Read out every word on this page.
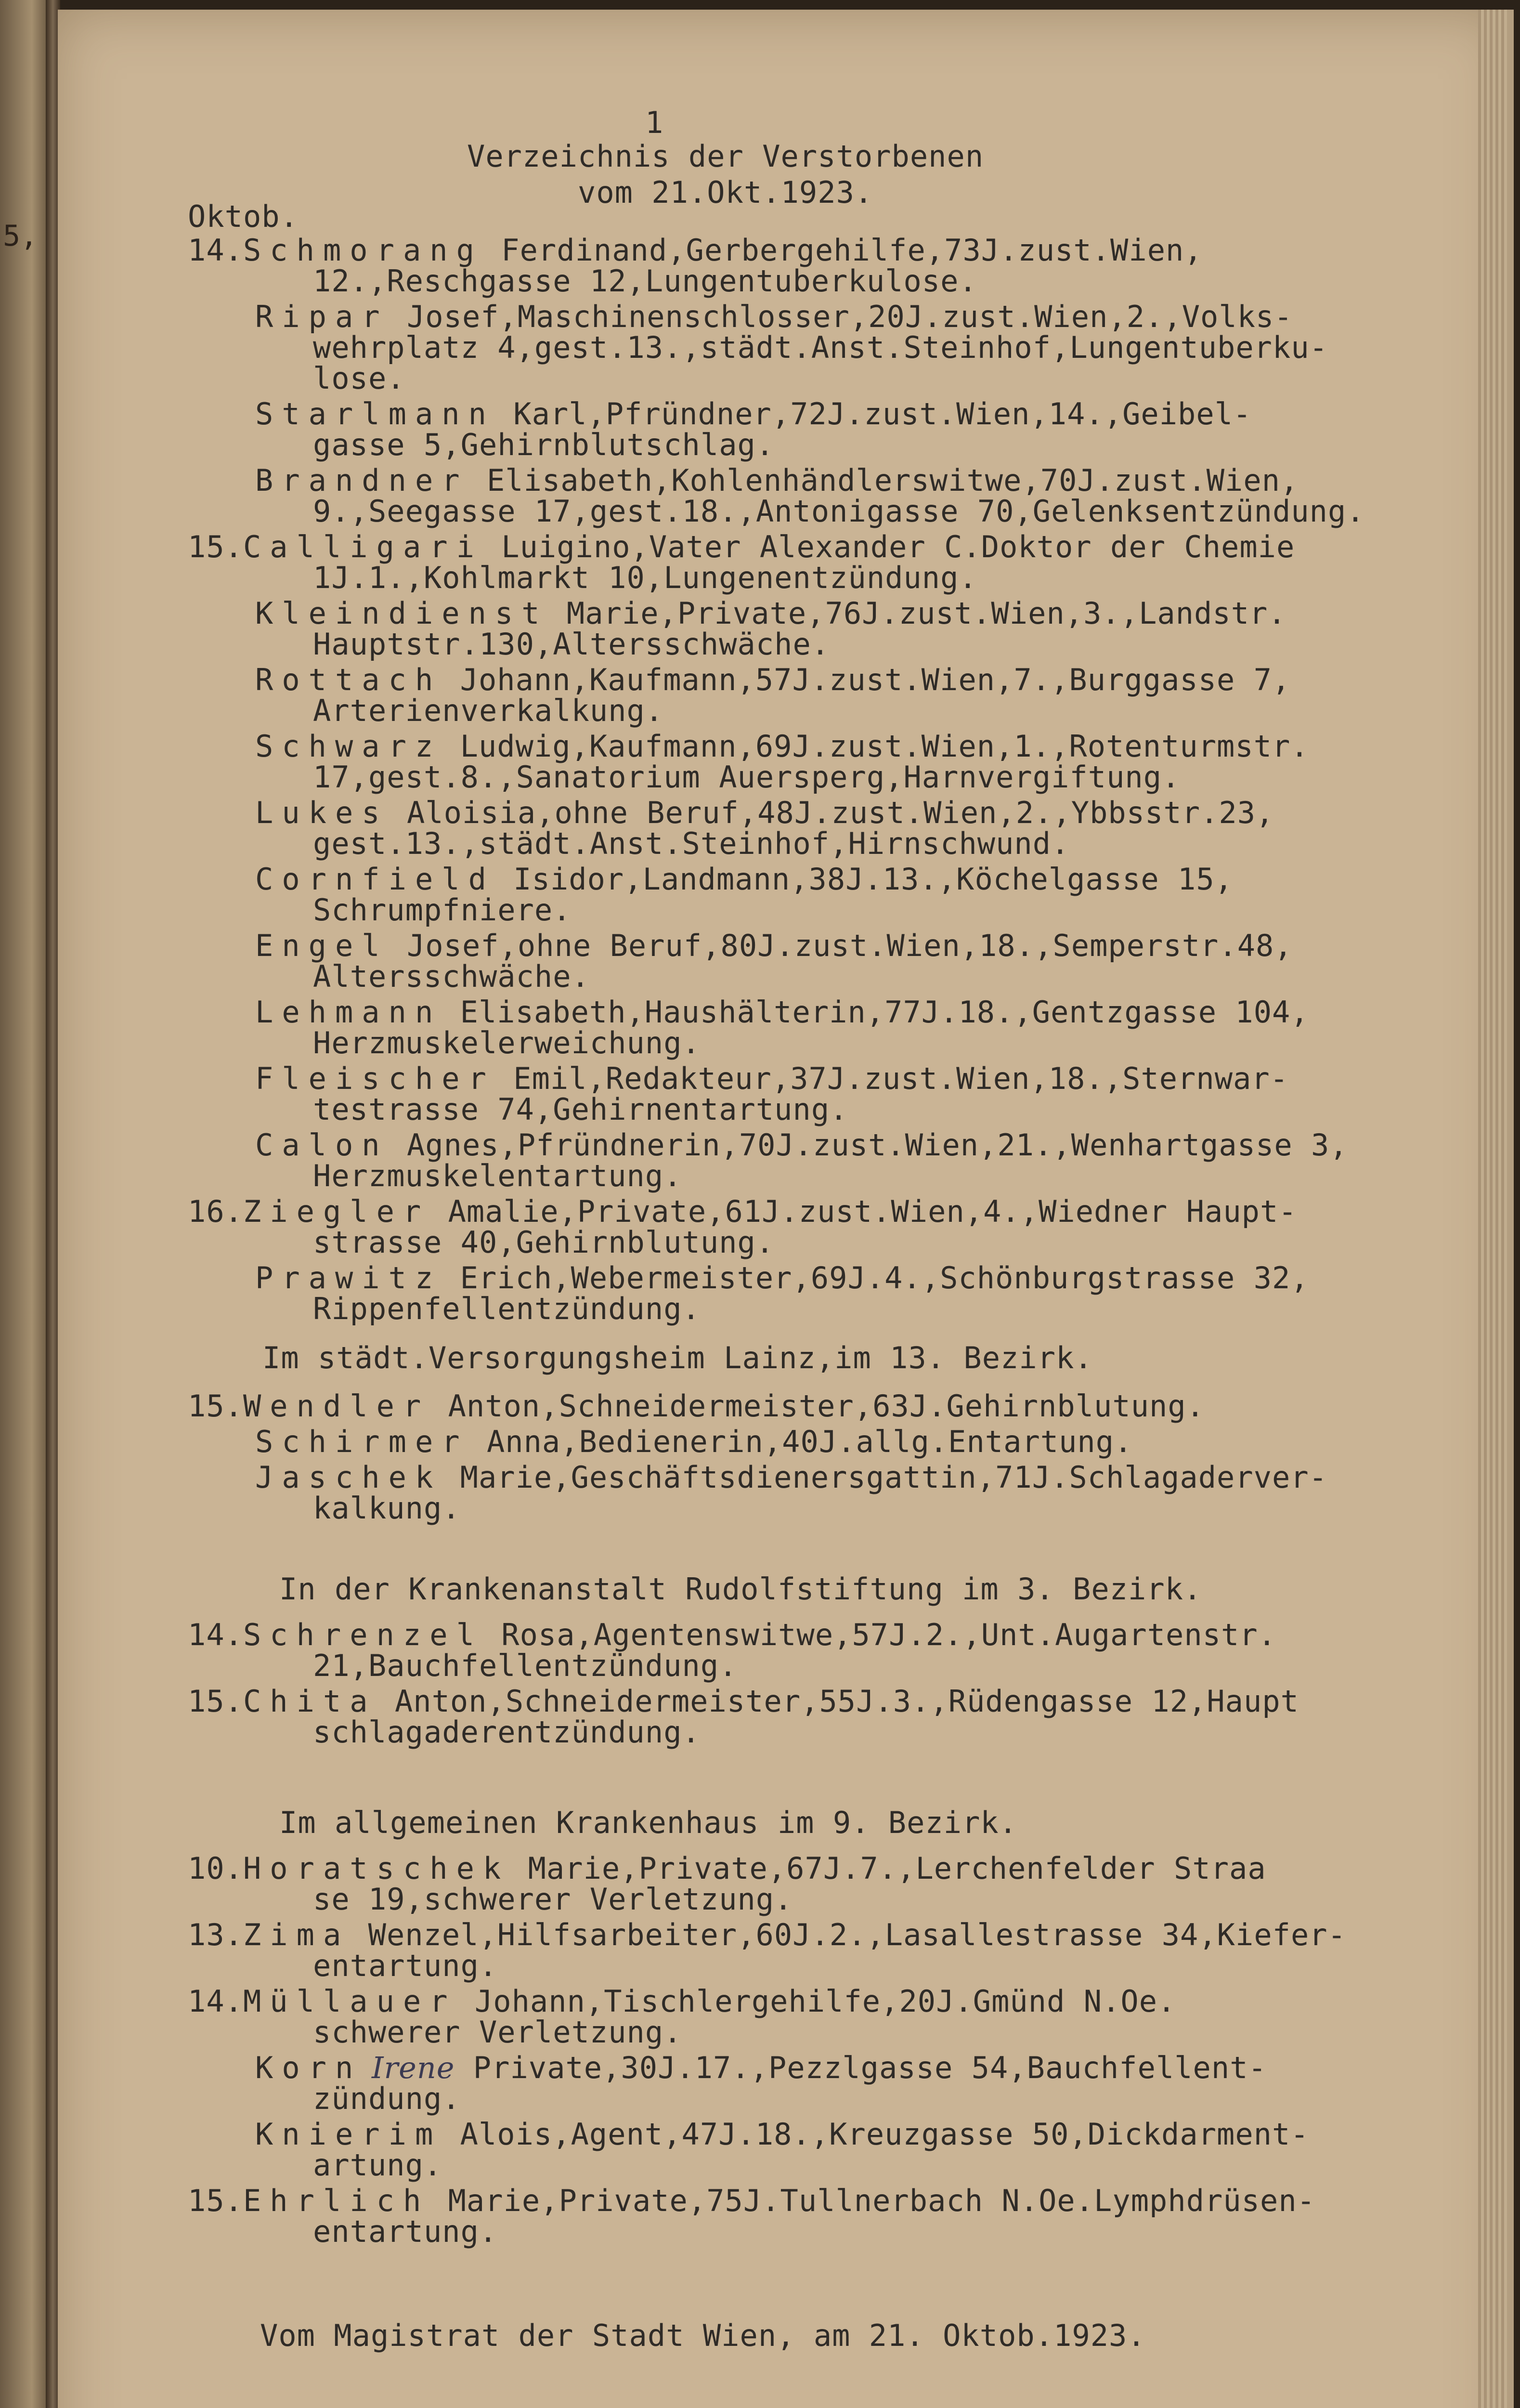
5,
1
Verzeichnis der Verstorbenen
vom 21.Okt.1923.
Oktob.
14.Schmorang Ferdinand,Gerbergehilfe,73J.zust.Wien,
12.,Reschgasse 12,Lungentuberkulose.
Ripar Josef,Maschinenschlosser,20J.zust.Wien,2.,Volks-
wehrplatz 4,gest.13.,städt.Anst.Steinhof,Lungentuberku-
lose.
Starlmann Karl,Pfründner,72J.zust.Wien,14.,Geibel-
gasse 5,Gehirnblutschlag.
Brandner Elisabeth,Kohlenhändlerswitwe,70J.zust.Wien,
9.,Seegasse 17,gest.18.,Antonigasse 70,Gelenksentzündung.
15.Calligari Luigino,Vater Alexander C.Doktor der Chemie
1J.1.,Kohlmarkt 10,Lungenentzündung.
Kleindienst Marie,Private,76J.zust.Wien,3.,Landstr.
Hauptstr.130,Altersschwäche.
Rottach Johann,Kaufmann,57J.zust.Wien,7.,Burggasse 7,
Arterienverkalkung.
Schwarz Ludwig,Kaufmann,69J.zust.Wien,1.,Rotenturmstr.
17,gest.8.,Sanatorium Auersperg,Harnvergiftung.
Lukes Aloisia,ohne Beruf,48J.zust.Wien,2.,Ybbsstr.23,
gest.13.,städt.Anst.Steinhof,Hirnschwund.
Cornfield Isidor,Landmann,38J.13.,Köchelgasse 15,
Schrumpfniere.
Engel Josef,ohne Beruf,80J.zust.Wien,18.,Semperstr.48,
Altersschwäche.
Lehmann Elisabeth,Haushälterin,77J.18.,Gentzgasse 104,
Herzmuskelerweichung.
Fleischer Emil,Redakteur,37J.zust.Wien,18.,Sternwar-
testrasse 74,Gehirnentartung.
Calon Agnes,Pfründnerin,70J.zust.Wien,21.,Wenhartgasse 3,
Herzmuskelentartung.
16.Ziegler Amalie,Private,61J.zust.Wien,4.,Wiedner Haupt-
strasse 40,Gehirnblutung.
Prawitz Erich,Webermeister,69J.4.,Schönburgstrasse 32,
Rippenfellentzündung.
Im städt.Versorgungsheim Lainz,im 13. Bezirk.
15.Wendler Anton,Schneidermeister,63J.Gehirnblutung.
Schirmer Anna,Bedienerin,40J.allg.Entartung.
Jaschek Marie,Geschäftsdienersgattin,71J.Schlagaderver-
kalkung.
In der Krankenanstalt Rudolfstiftung im 3. Bezirk.
14.Schrenzel Rosa,Agentenswitwe,57J.2.,Unt.Augartenstr.
21,Bauchfellentzündung.
15.Chita Anton,Schneidermeister,55J.3.,Rüdengasse 12,Haupt
schlagaderentzündung.
Im allgemeinen Krankenhaus im 9. Bezirk.
10.Horatschek Marie,Private,67J.7.,Lerchenfelder Straa
se 19,schwerer Verletzung.
13.Zima Wenzel,Hilfsarbeiter,60J.2.,Lasallestrasse 34,Kiefer-
entartung.
14.Müllauer Johann,Tischlergehilfe,20J.Gmünd N.Oe.
schwerer Verletzung.
Korn Irene Private,30J.17.,Pezzlgasse 54,Bauchfellent-
zündung.
Knierim Alois,Agent,47J.18.,Kreuzgasse 50,Dickdarment-
artung.
15.Ehrlich Marie,Private,75J.Tullnerbach N.Oe.Lymphdrüsen-
entartung.
Vom Magistrat der Stadt Wien, am 21. Oktob.1923.
